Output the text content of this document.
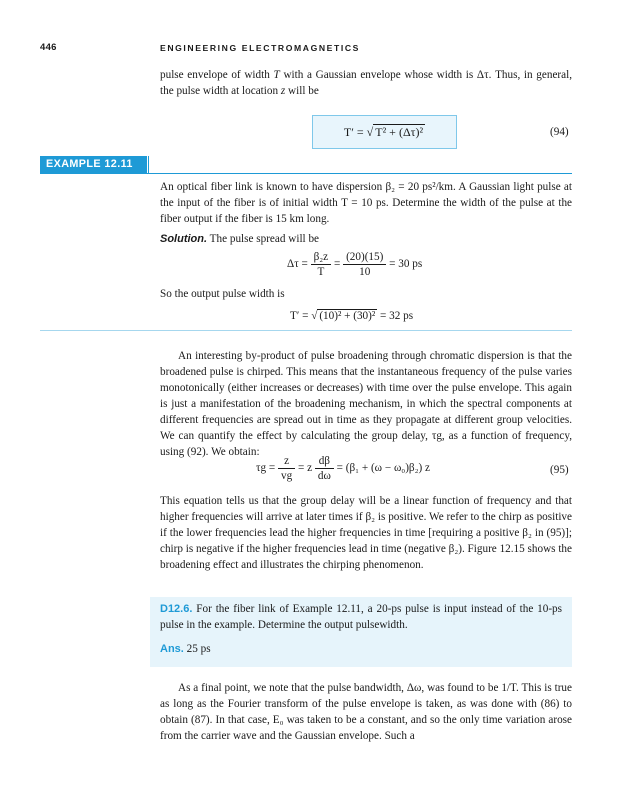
446	ENGINEERING ELECTROMAGNETICS

pulse envelope of width T with a Gaussian envelope whose width is Δτ. Thus, in general, the pulse width at location z will be

T′ = √ T² + (Δτ)²	(94)
EXAMPLE 12.11

An optical fiber link is known to have dispersion β₂ = 20 ps²/km. A Gaussian light pulse at the input of the fiber is of initial width T = 10 ps. Determine the width of the pulse at the fiber output if the fiber is 15 km long.

Solution. The pulse spread will be

$\Delta\tau = \frac{\text{β₂z}}{T} = \frac{(20)(15)}{10} = 30$ ps

So the output pulse width is

T′ = √ (10)² + (30)² = 32 ps

An interesting by-product of pulse broadening through chromatic dispersion is that the broadened pulse is chirped. This means that the instantaneous frequency of the pulse varies monotonically (either increases or decreases) with time over the pulse envelope. This again is just a manifestation of the broadening mechanism, in which the spectral components at different frequencies are spread out in time as they propagate at different group velocities. We can quantify the effect by calculating the group delay, τg, as a function of frequency, using (92). We obtain:

$\tau g = \frac{z}{vg} = z \frac{d\beta}{d\omega} = (\beta_1 + (\omega - \omega_0)\beta_2)$ z	(95)

This equation tells us that the group delay will be a linear function of frequency and that higher frequencies will arrive at later times if β₂ is positive. We refer to the chirp as positive if the lower frequencies lead the higher frequencies in time [requiring a positive β₂ in (95)]; chirp is negative if the higher frequencies lead in time (negative β₂). Figure 12.15 shows the broadening effect and illustrates the chirping phenomenon.

D12.6. For the fiber link of Example 12.11, a 20-ps pulse is input instead of the 10-ps pulse in the example. Determine the output pulsewidth.

Ans. 25 ps

As a final point, we note that the pulse bandwidth, Δω, was found to be 1/T. This is true as long as the Fourier transform of the pulse envelope is taken, as was done with (86) to obtain (87). In that case, E₀ was taken to be a constant, and so the only time variation arose from the carrier wave and the Gaussian envelope. Such a
